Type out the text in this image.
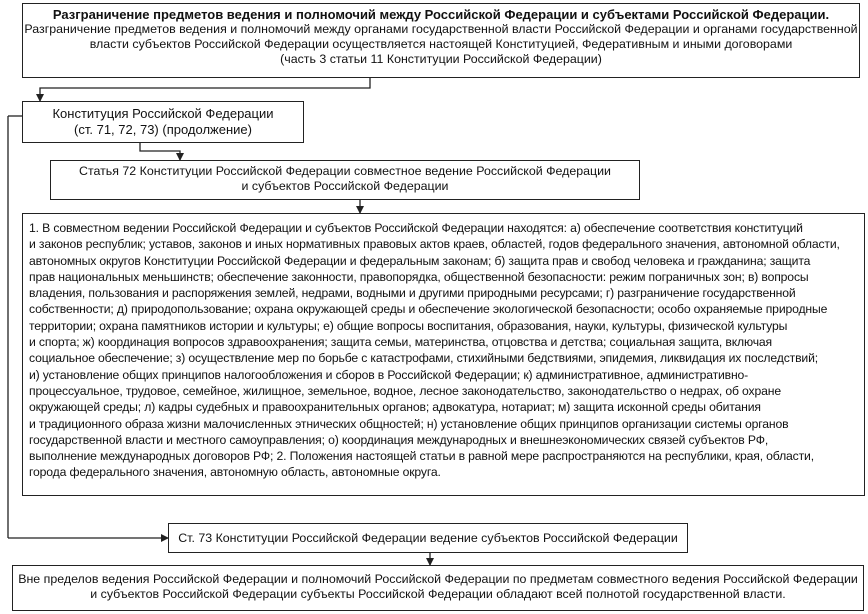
Разграничение предметов ведения и полномочий между Российской Федерации и субъектами Российской Федерации.
Разграничение предметов ведения и полномочий между органами государственной власти Российской Федерации и органами государственной
власти субъектов Российской Федерации осуществляется настоящей Конституцией, Федеративным и иными договорами
(часть 3 статьи 11 Конституции Российской Федерации)
Конституция Российской Федерации
(ст. 71, 72, 73) (продолжение)
Статья 72 Конституции Российской Федерации совместное ведение Российской Федерации
и субъектов Российской Федерации
1. В совместном ведении Российской Федерации и субъектов Российской Федерации находятся: а) обеспечение соответствия конституций
и законов республик; уставов, законов и иных нормативных правовых актов краев, областей, годов федерального значения, автономной области,
автономных округов Конституции Российской Федерации и федеральным законам; б) защита прав и свобод человека и гражданина; защита
прав национальных меньшинств; обеспечение законности, правопорядка, общественной безопасности: режим пограничных зон; в) вопросы
владения, пользования и распоряжения землей, недрами, водными и другими природными ресурсами; г) разграничение государственной
собственности; д) природопользование; охрана окружающей среды и обеспечение экологической безопасности; особо охраняемые природные
территории; охрана памятников истории и культуры; е) общие вопросы воспитания, образования, науки, культуры, физической культуры
и спорта; ж) координация вопросов здравоохранения; защита семьи, материнства, отцовства и детства; социальная защита, включая
социальное обеспечение; з) осуществление мер по борьбе с катастрофами, стихийными бедствиями, эпидемия, ликвидация их последствий;
и) установление общих принципов налогообложения и сборов в Российской Федерации; к) административное, административно-
процессуальное, трудовое, семейное, жилищное, земельное, водное, лесное законодательство, законодательство о недрах, об охране
окружающей среды; л) кадры судебных и правоохранительных органов; адвокатура, нотариат; м) защита исконной среды обитания
и традиционного образа жизни малочисленных этнических общностей; н) установление общих принципов организации системы органов
государственной власти и местного самоуправления; о) координация международных и внешнеэкономических связей субъектов РФ,
выполнение международных договоров РФ; 2. Положения настоящей статьи в равной мере распространяются на республики, края, области,
города федерального значения, автономную область, автономные округа.
Ст. 73 Конституции Российской Федерации ведение субъектов Российской Федерации
Вне пределов ведения Российской Федерации и полномочий Российской Федерации по предметам совместного ведения Российской Федерации
и субъектов Российской Федерации субъекты Российской Федерации обладают всей полнотой государственной власти.
